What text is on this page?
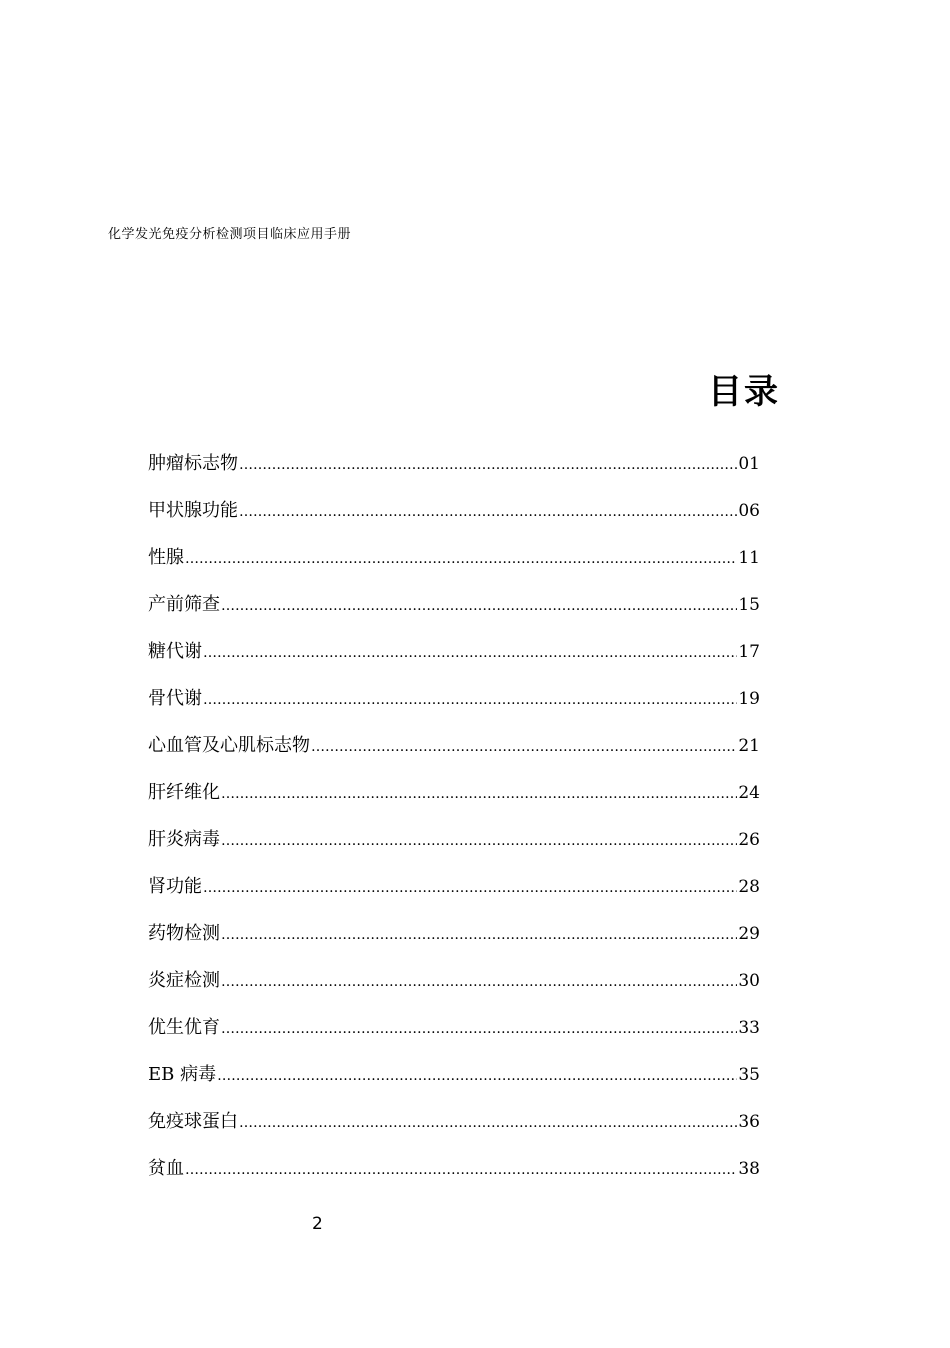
化学发光免疫分析检测项目临床应用手册
目录
肿瘤标志物 …………………………………………………………………………………………………………………………………………………	01
甲状腺功能 …………………………………………………………………………………………………………………………………………………	06
性腺 …………………………………………………………………………………………………………………………………………………	11
产前筛查 …………………………………………………………………………………………………………………………………………………	15
糖代谢 …………………………………………………………………………………………………………………………………………………	17
骨代谢 …………………………………………………………………………………………………………………………………………………	19
心血管及心肌标志物 …………………………………………………………………………………………………………………………………………………	21
肝纤维化 …………………………………………………………………………………………………………………………………………………	24
肝炎病毒 …………………………………………………………………………………………………………………………………………………	26
肾功能 …………………………………………………………………………………………………………………………………………………	28
药物检测 …………………………………………………………………………………………………………………………………………………	29
炎症检测 …………………………………………………………………………………………………………………………………………………	30
优生优育 …………………………………………………………………………………………………………………………………………………	33
EB 病毒 …………………………………………………………………………………………………………………………………………………	35
免疫球蛋白 …………………………………………………………………………………………………………………………………………………	36
贫血 …………………………………………………………………………………………………………………………………………………	38
2
